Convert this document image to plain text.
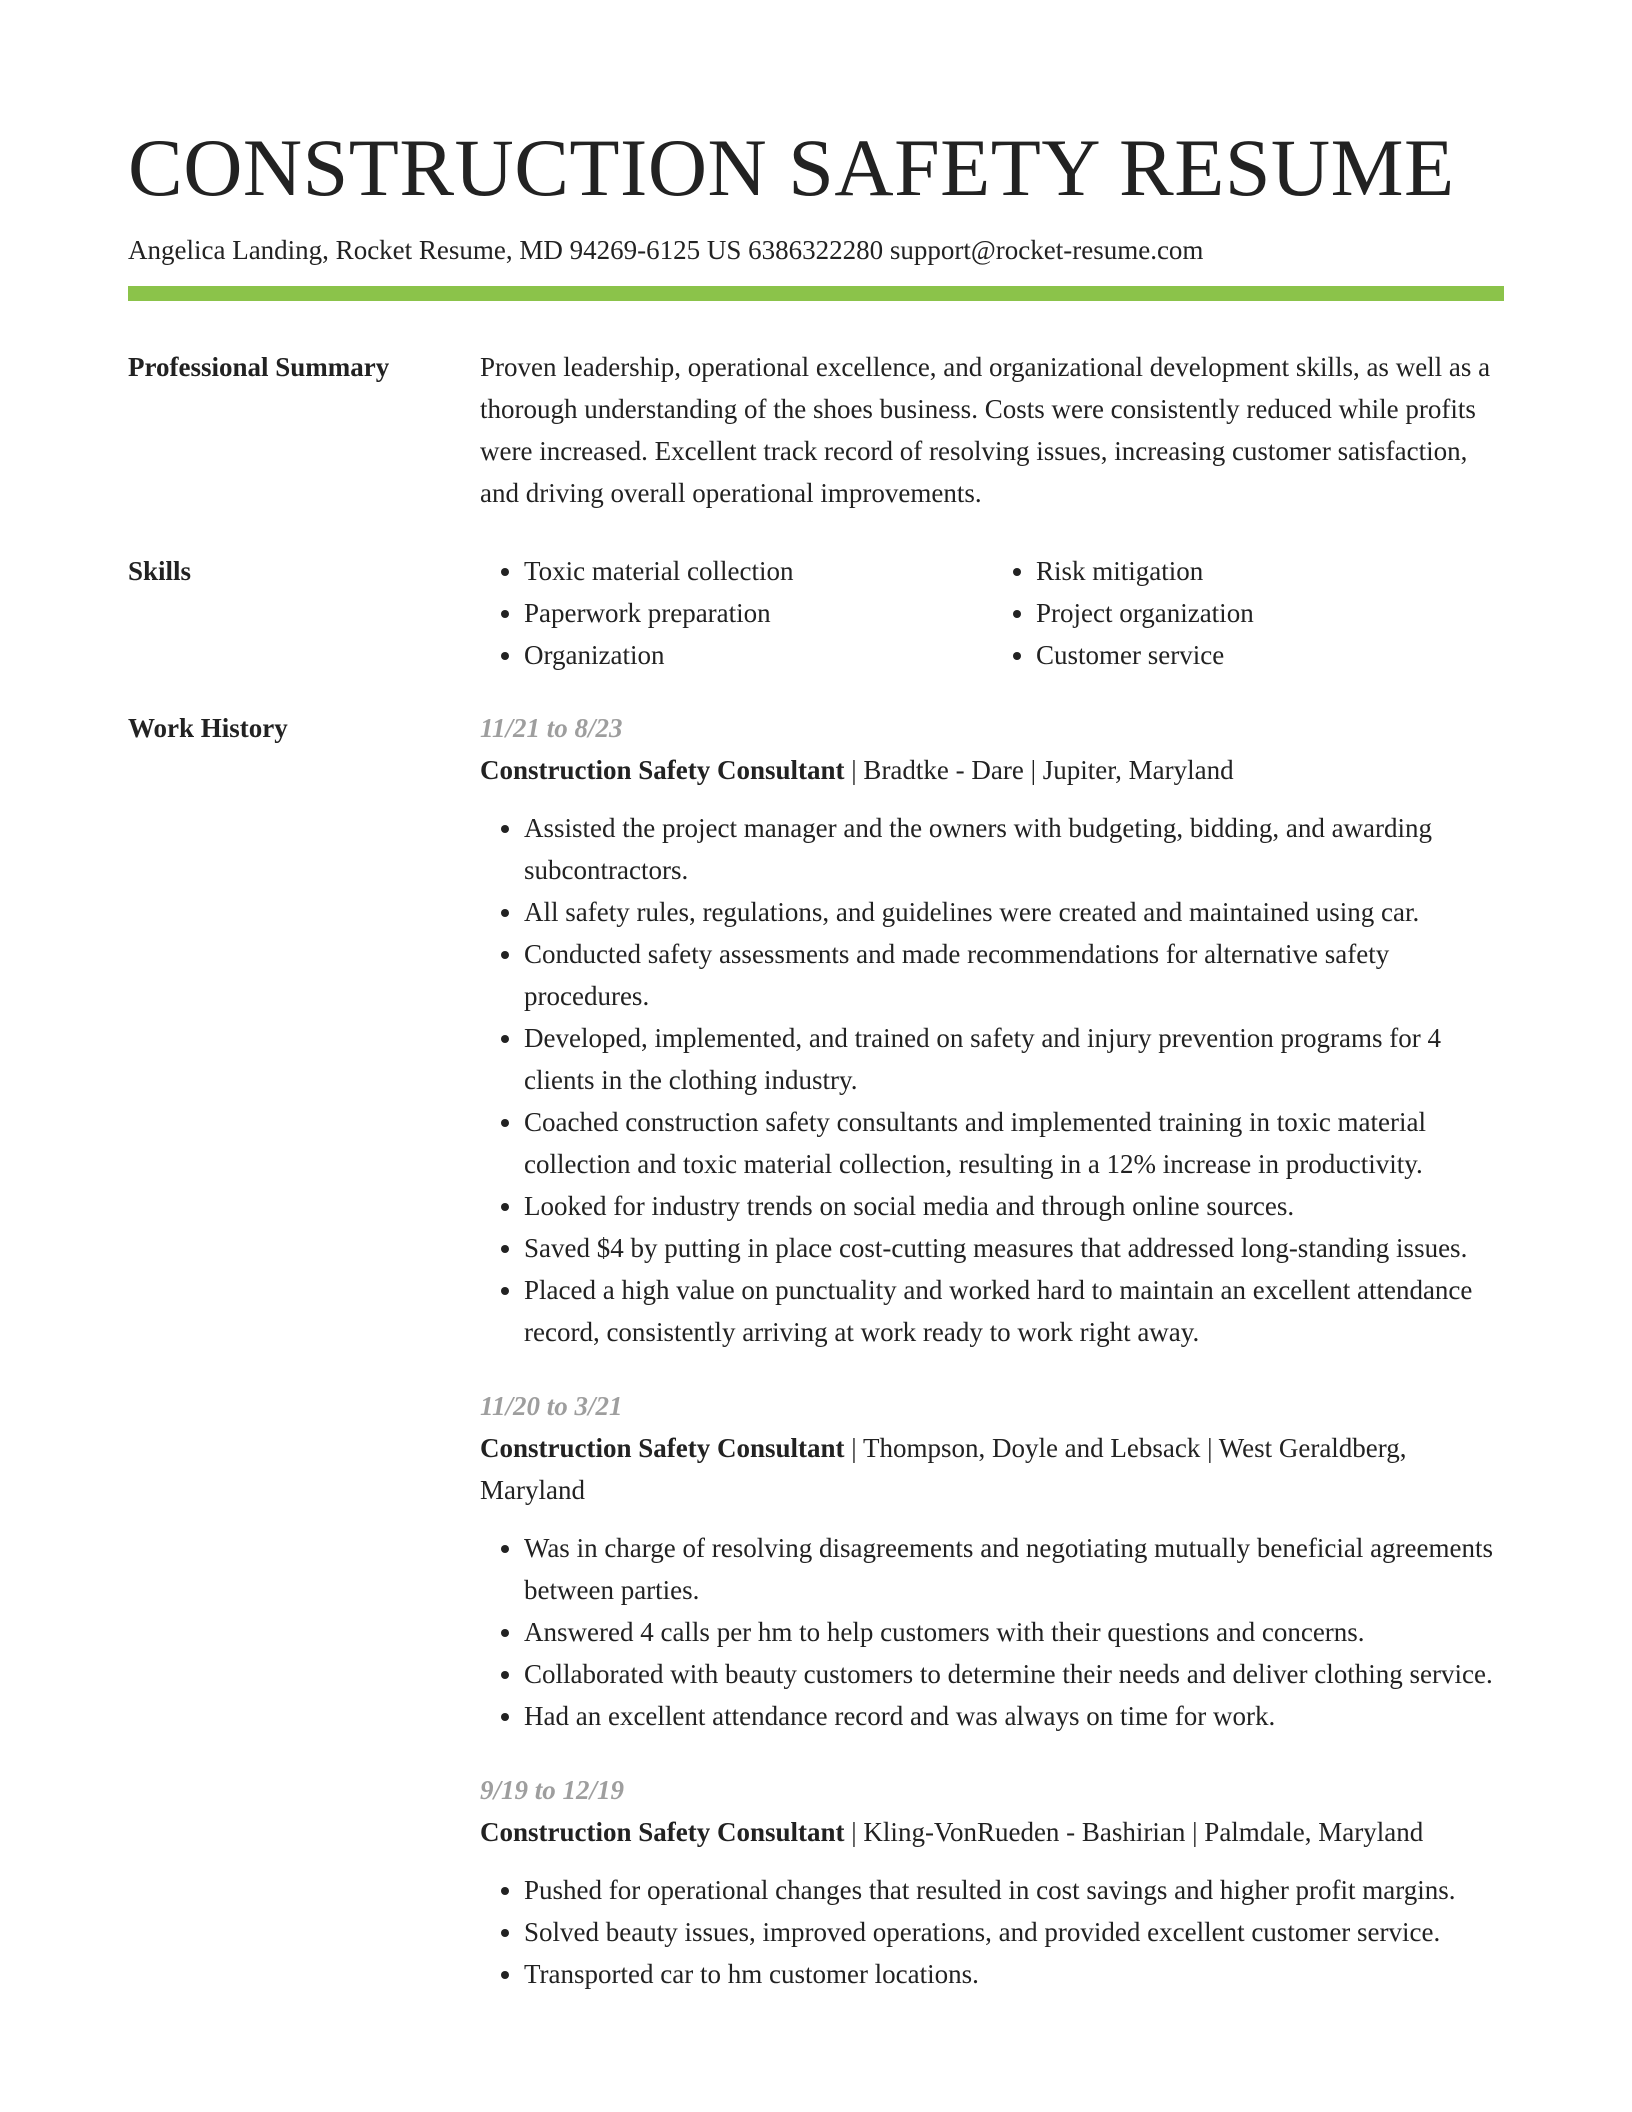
CONSTRUCTION SAFETY RESUME
Angelica Landing, Rocket Resume, MD 94269-6125 US 6386322280 support@rocket-resume.com
Professional Summary	Proven leadership, operational excellence, and organizational development skills, as well as a thorough understanding of the shoes business. Costs were consistently reduced while profits were increased. Excellent track record of resolving issues, increasing customer satisfaction, and driving overall operational improvements.

Skills
•	Toxic material collection
• Paperwork preparation
• Organization
• Risk mitigation
• Project organization
• Customer service
Work History	11/21 to 8/23
Construction Safety Consultant | Bradtke - Dare | Jupiter, Maryland
• Assisted the project manager and the owners with budgeting, bidding, and awarding subcontractors.
• All safety rules, regulations, and guidelines were created and maintained using car.
• Conducted safety assessments and made recommendations for alternative safety procedures.
• Developed, implemented, and trained on safety and injury prevention programs for 4 clients in the clothing industry.
• Coached construction safety consultants and implemented training in toxic material collection and toxic material collection, resulting in a 12% increase in productivity.
• Looked for industry trends on social media and through online sources.
• Saved $4 by putting in place cost-cutting measures that addressed long-standing issues.
• Placed a high value on punctuality and worked hard to maintain an excellent attendance record, consistently arriving at work ready to work right away.
11/20 to 3/21
Construction Safety Consultant | Thompson, Doyle and Lebsack | West Geraldberg, Maryland
• Was in charge of resolving disagreements and negotiating mutually beneficial agreements between parties.
• Answered 4 calls per hm to help customers with their questions and concerns.
• Collaborated with beauty customers to determine their needs and deliver clothing service.
• Had an excellent attendance record and was always on time for work.
9/19 to 12/19
Construction Safety Consultant | Kling-VonRueden - Bashirian | Palmdale, Maryland
• Pushed for operational changes that resulted in cost savings and higher profit margins.
• Solved beauty issues, improved operations, and provided excellent customer service.
• Transported car to hm customer locations.
